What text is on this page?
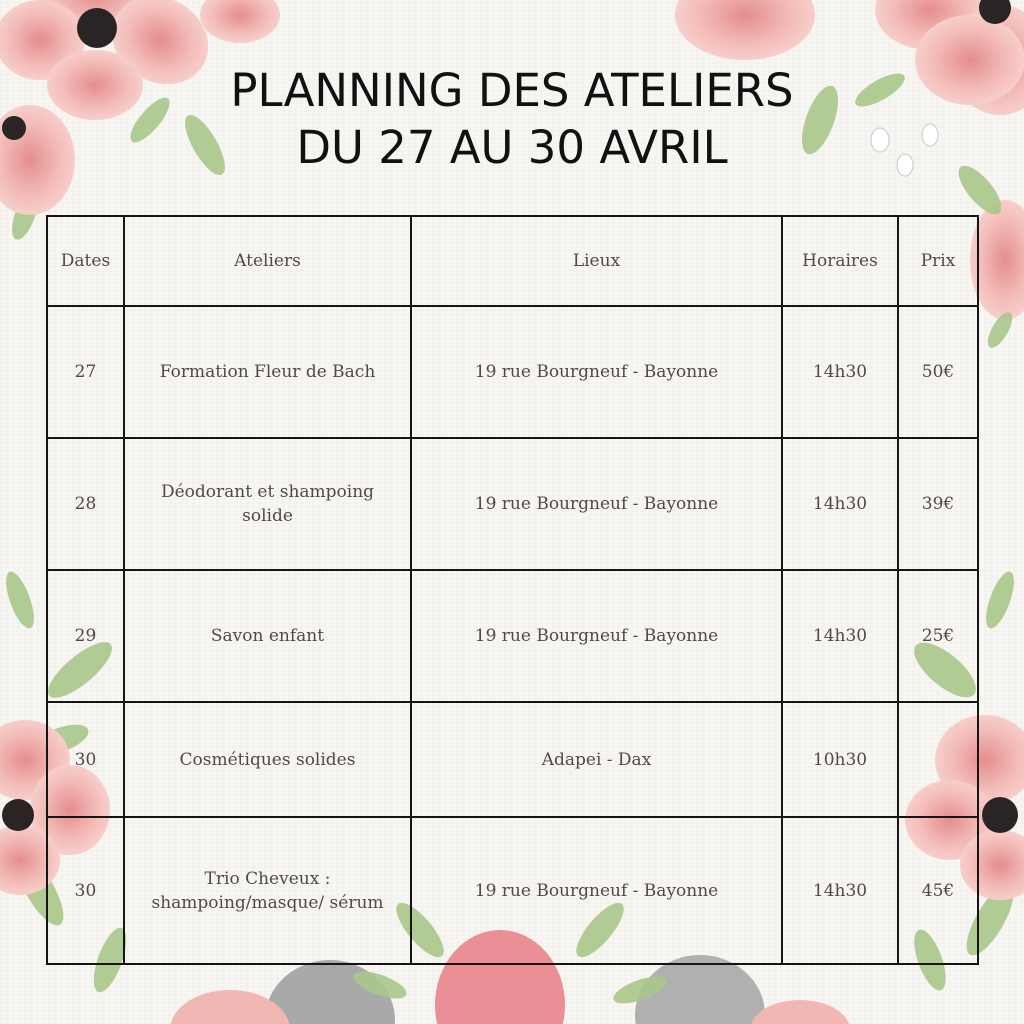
PLANNING DES ATELIERS
DU 27 AU 30 AVRIL
Dates	Ateliers	Lieux	Horaires	Prix
27	Formation Fleur de Bach	19 rue Bourgneuf - Bayonne	14h30	50€
28	Déodorant et shampoing solide	19 rue Bourgneuf - Bayonne	14h30	39€
29	Savon enfant	19 rue Bourgneuf - Bayonne	14h30	25€
30	Cosmétiques solides	Adapei - Dax	10h30	
30	Trio Cheveux : shampoing/masque/ sérum	19 rue Bourgneuf - Bayonne	14h30	45€
